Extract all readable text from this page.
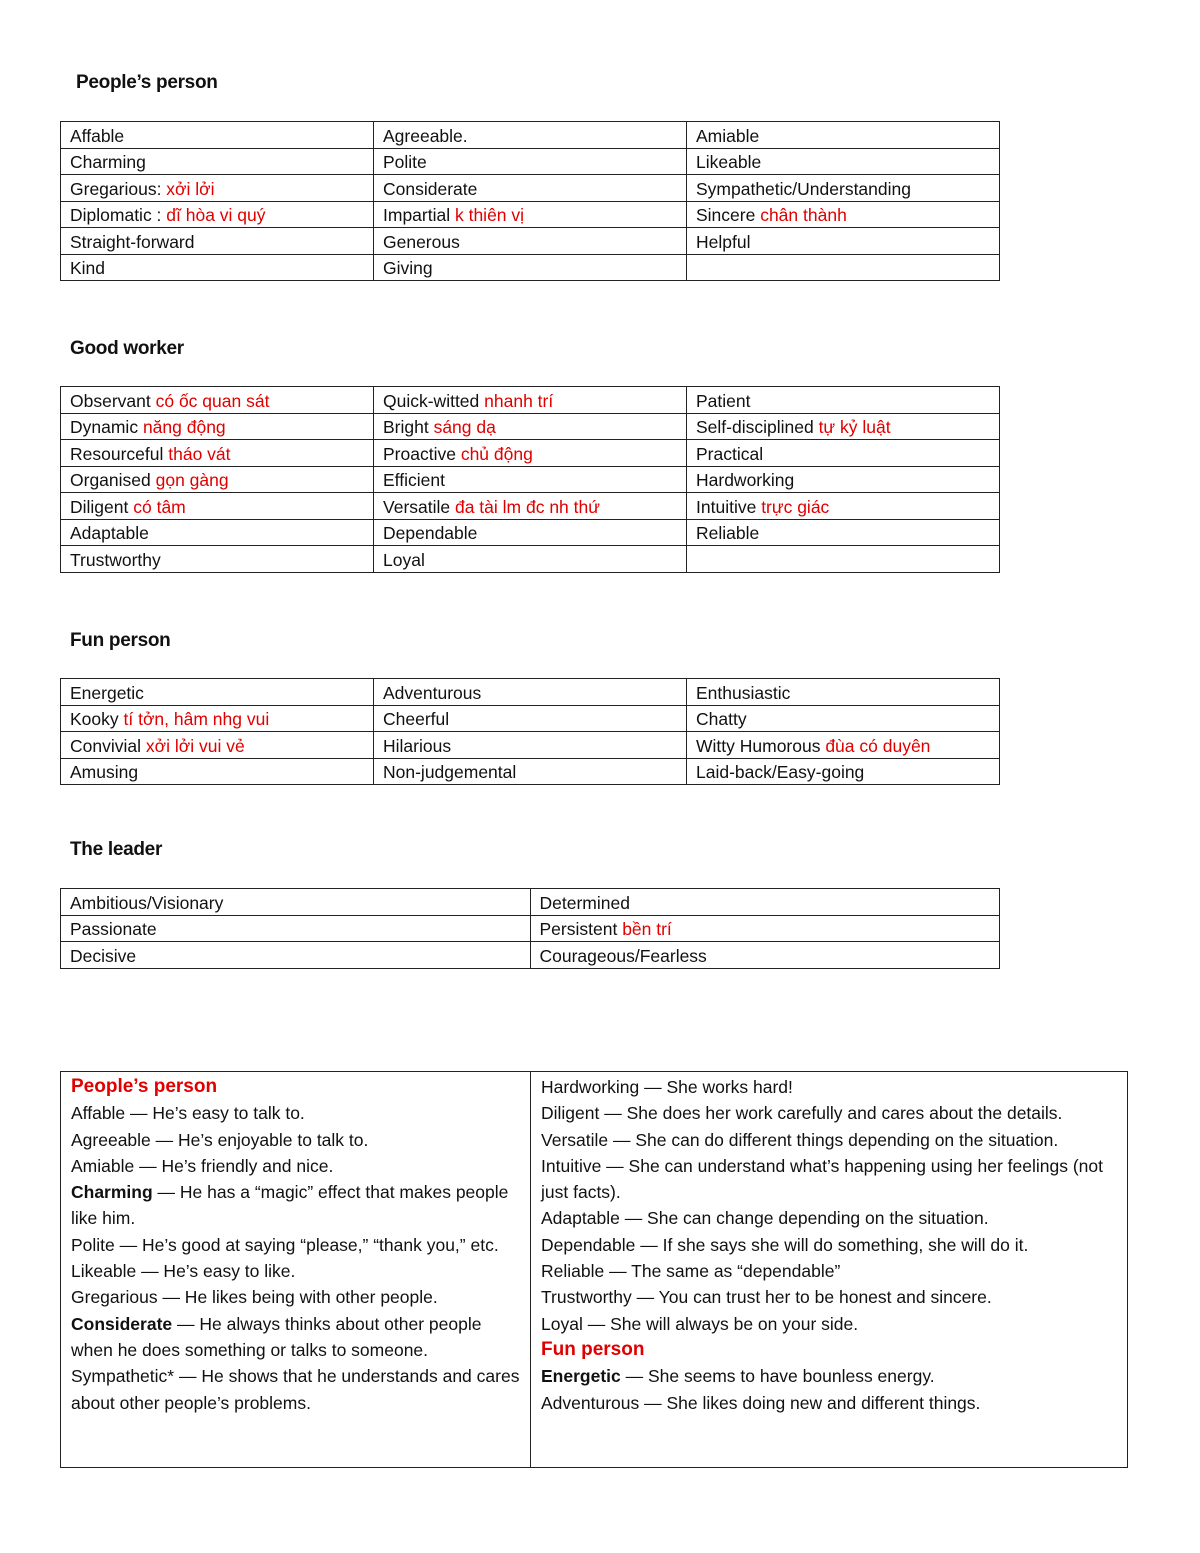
People’s person
Affable	Agreeable.	Amiable
Charming	Polite	Likeable
Gregarious: xởi lởi	Considerate	Sympathetic/Understanding
Diplomatic : dĩ hòa vi quý	Impartial k thiên vị	Sincere chân thành
Straight-forward	Generous	Helpful
Kind	Giving	
Good worker
Observant có ốc quan sát	Quick-witted nhanh trí	Patient
Dynamic năng động	Bright sáng dạ	Self-disciplined tự kỷ luật
Resourceful tháo vát	Proactive chủ động	Practical
Organised gọn gàng	Efficient	Hardworking
Diligent có tâm	Versatile đa tài lm đc nh thứ	Intuitive trực giác
Adaptable	Dependable	Reliable
Trustworthy	Loyal	
Fun person
Energetic	Adventurous	Enthusiastic
Kooky tí tởn, hâm nhg vui	Cheerful	Chatty
Convivial xởi lởi vui vẻ	Hilarious	Witty Humorous đùa có duyên
Amusing	Non-judgemental	Laid-back/Easy-going
The leader
Ambitious/Visionary	Determined
Passionate	Persistent bền trí
Decisive	Courageous/Fearless

People’s person

Affable — He’s easy to talk to.

Agreeable — He’s enjoyable to talk to.

Amiable — He’s friendly and nice.

Charming — He has a “magic” effect that makes people like him.

Polite — He’s good at saying “please,” “thank you,” etc.

Likeable — He’s easy to like.

Gregarious — He likes being with other people.

Considerate — He always thinks about other people when he does something or talks to someone.

Sympathetic* — He shows that he understands and cares about other people’s problems.

Hardworking — She works hard!

Diligent — She does her work carefully and cares about the details.

Versatile — She can do different things depending on the situation.

Intuitive — She can understand what’s happening using her feelings (not just facts).

Adaptable — She can change depending on the situation.

Dependable — If she says she will do something, she will do it.

Reliable — The same as “dependable”

Trustworthy — You can trust her to be honest and sincere.

Loyal — She will always be on your side.

Fun person

Energetic — She seems to have bounless energy.

Adventurous — She likes doing new and different things.
